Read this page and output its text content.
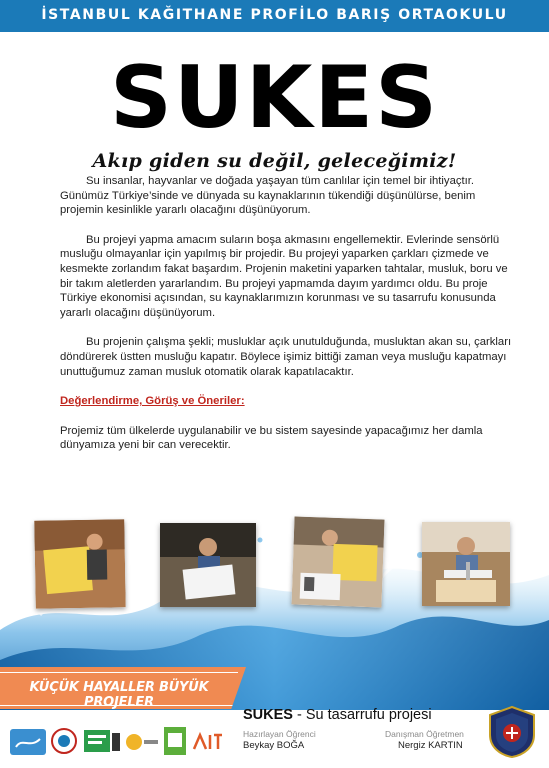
İSTANBUL KAĞITHANE PROFİLO BARIŞ ORTAOKULU
SUKES
Akıp giden su değil, geleceğimiz!

Su insanlar, hayvanlar ve doğada yaşayan tüm canlılar için temel bir ihtiyaçtır. Günümüz Türkiye’sinde ve dünyada su kaynaklarının tükendiği düşünülürse, benim projemin kesinlikle yararlı olacağını düşünüyorum.

Bu projeyi yapma amacım suların boşa akmasını engellemektir. Evlerinde sensörlü musluğu olmayanlar için yapılmış bir projedir. Bu projeyi yaparken çarkları çizmede ve kesmekte zorlandım fakat başardım. Projenin maketini yaparken tahtalar, musluk, boru ve bir takım aletlerden yararlandım. Bu projeyi yapmamda dayım yardımcı oldu. Bu proje Türkiye ekonomisi açısından, su kaynaklarımızın korunması ve su tasarrufu konusunda yararlı olacağını düşünüyorum.

Bu projenin çalışma şekli; musluklar açık unutulduğunda, musluktan akan su, çarkları döndürerek üstten musluğu kapatır. Böylece işimiz bittiği zaman veya musluğu kapatmayı unuttuğumuz zaman musluk otomatik olarak kapatılacaktır.

Değerlendirme, Görüş ve Öneriler:

Projemiz tüm ülkelerde uygulanabilir ve bu sistem sayesinde yapacağımız her damla dünyamıza yeni bir can verecektir.

KÜÇÜK HAYALLER BÜYÜK PROJELER
SUKES - Su tasarrufu projesi
Hazırlayan Öğrenci
Beykay BOĞA
Danışman Öğretmen
Nergiz KARTIN
